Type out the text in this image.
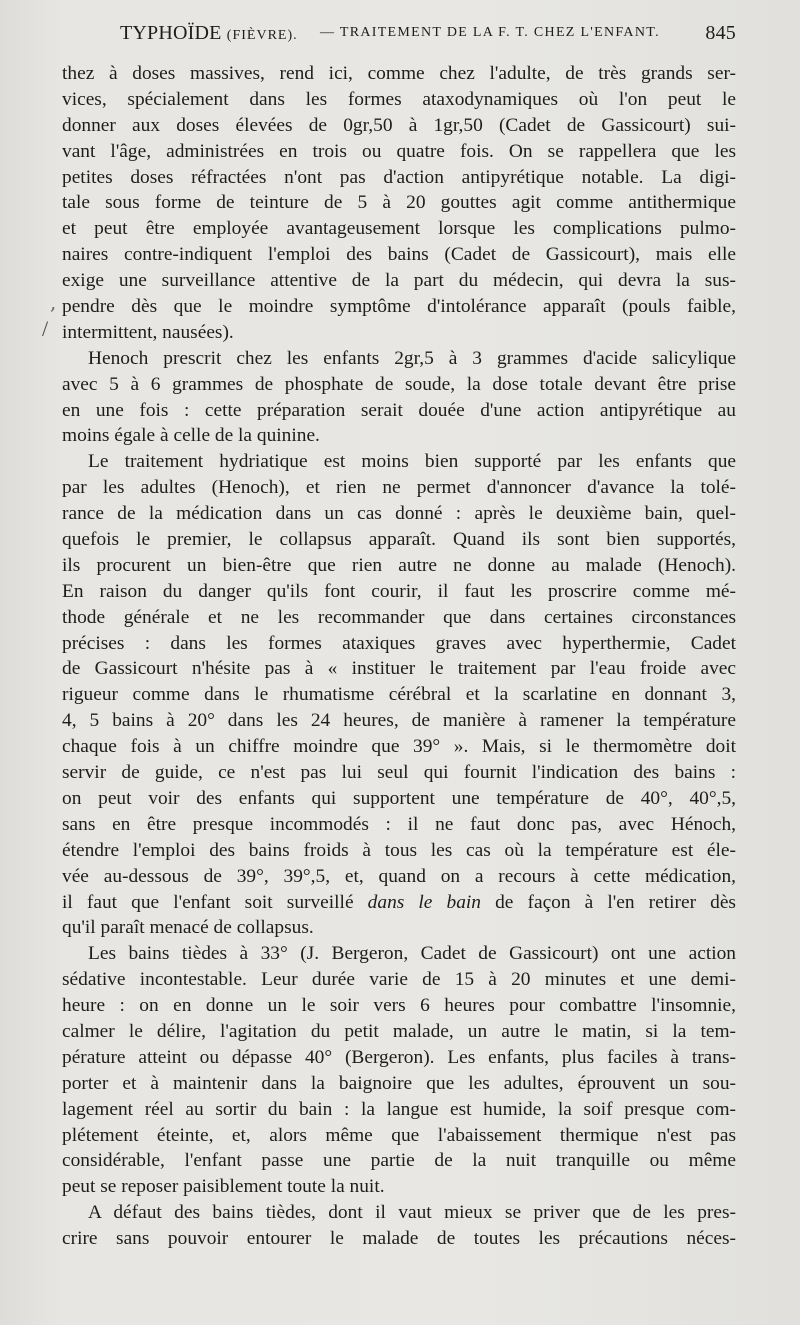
TYPHOÏDE (FIÈVRE). — TRAITEMENT DE LA F. T. CHEZ L'ENFANT. 845
,
/
thez à doses massives, rend ici, comme chez l'adulte, de très grands ser-
vices, spécialement dans les formes ataxodynamiques où l'on peut le
donner aux doses élevées de 0gr,50 à 1gr,50 (Cadet de Gassicourt) sui-
vant l'âge, administrées en trois ou quatre fois. On se rappellera que les
petites doses réfractées n'ont pas d'action antipyrétique notable. La digi-
tale sous forme de teinture de 5 à 20 gouttes agit comme antithermique
et peut être employée avantageusement lorsque les complications pulmo-
naires contre-indiquent l'emploi des bains (Cadet de Gassicourt), mais elle
exige une surveillance attentive de la part du médecin, qui devra la sus-
pendre dès que le moindre symptôme d'intolérance apparaît (pouls faible,
intermittent, nausées).
Henoch prescrit chez les enfants 2gr,5 à 3 grammes d'acide salicylique
avec 5 à 6 grammes de phosphate de soude, la dose totale devant être prise
en une fois : cette préparation serait douée d'une action antipyrétique au
moins égale à celle de la quinine.
Le traitement hydriatique est moins bien supporté par les enfants que
par les adultes (Henoch), et rien ne permet d'annoncer d'avance la tolé-
rance de la médication dans un cas donné : après le deuxième bain, quel-
quefois le premier, le collapsus apparaît. Quand ils sont bien supportés,
ils procurent un bien-être que rien autre ne donne au malade (Henoch).
En raison du danger qu'ils font courir, il faut les proscrire comme mé-
thode générale et ne les recommander que dans certaines circonstances
précises : dans les formes ataxiques graves avec hyperthermie, Cadet
de Gassicourt n'hésite pas à « instituer le traitement par l'eau froide avec
rigueur comme dans le rhumatisme cérébral et la scarlatine en donnant 3,
4, 5 bains à 20° dans les 24 heures, de manière à ramener la température
chaque fois à un chiffre moindre que 39° ». Mais, si le thermomètre doit
servir de guide, ce n'est pas lui seul qui fournit l'indication des bains :
on peut voir des enfants qui supportent une température de 40°, 40°,5,
sans en être presque incommodés : il ne faut donc pas, avec Hénoch,
étendre l'emploi des bains froids à tous les cas où la température est éle-
vée au-dessous de 39°, 39°,5, et, quand on a recours à cette médication,
il faut que l'enfant soit surveillé dans le bain de façon à l'en retirer dès
qu'il paraît menacé de collapsus.
Les bains tièdes à 33° (J. Bergeron, Cadet de Gassicourt) ont une action
sédative incontestable. Leur durée varie de 15 à 20 minutes et une demi-
heure : on en donne un le soir vers 6 heures pour combattre l'insomnie,
calmer le délire, l'agitation du petit malade, un autre le matin, si la tem-
pérature atteint ou dépasse 40° (Bergeron). Les enfants, plus faciles à trans-
porter et à maintenir dans la baignoire que les adultes, éprouvent un sou-
lagement réel au sortir du bain : la langue est humide, la soif presque com-
plétement éteinte, et, alors même que l'abaissement thermique n'est pas
considérable, l'enfant passe une partie de la nuit tranquille ou même
peut se reposer paisiblement toute la nuit.
A défaut des bains tièdes, dont il vaut mieux se priver que de les pres-
crire sans pouvoir entourer le malade de toutes les précautions néces-
